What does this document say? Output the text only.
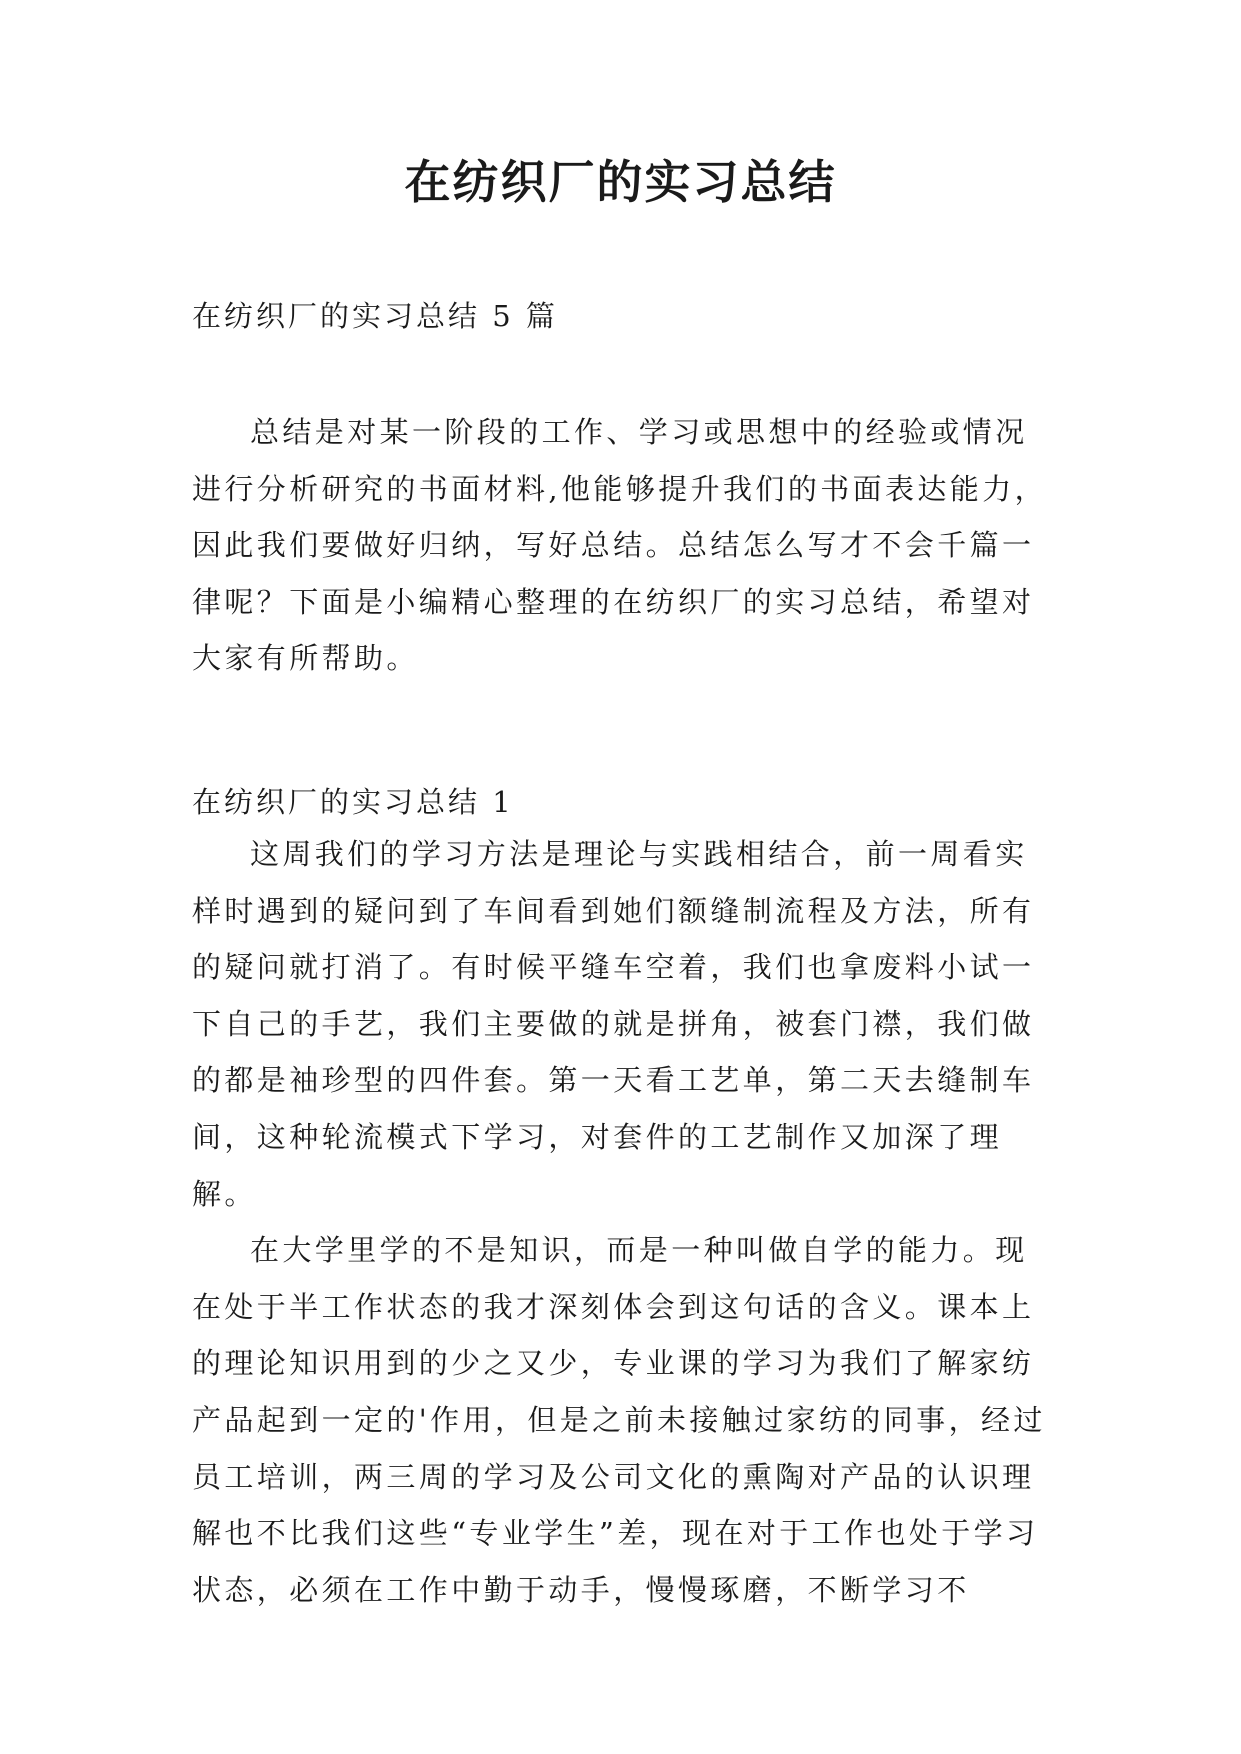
在纺织厂的实习总结
在纺织厂的实习总结 5 篇

总结是对某一阶段的工作、学习或思想中的经验或情况进行分析研究的书面材料,他能够提升我们的书面表达能力，因此我们要做好归纳，写好总结。总结怎么写才不会千篇一律呢？下面是小编精心整理的在纺织厂的实习总结，希望对大家有所帮助。

在纺织厂的实习总结 1

这周我们的学习方法是理论与实践相结合，前一周看实样时遇到的疑问到了车间看到她们额缝制流程及方法，所有的疑问就打消了。有时候平缝车空着，我们也拿废料小试一下自己的手艺，我们主要做的就是拼角，被套门襟，我们做的都是袖珍型的四件套。第一天看工艺单，第二天去缝制车间，这种轮流模式下学习，对套件的工艺制作又加深了理解。

在大学里学的不是知识，而是一种叫做自学的能力。现在处于半工作状态的我才深刻体会到这句话的含义。课本上的理论知识用到的少之又少，专业课的学习为我们了解家纺产品起到一定的'作用，但是之前未接触过家纺的同事，经过员工培训，两三周的学习及公司文化的熏陶对产品的认识理解也不比我们这些“专业学生”差，现在对于工作也处于学习状态，必须在工作中勤于动手，慢慢琢磨，不断学习不
